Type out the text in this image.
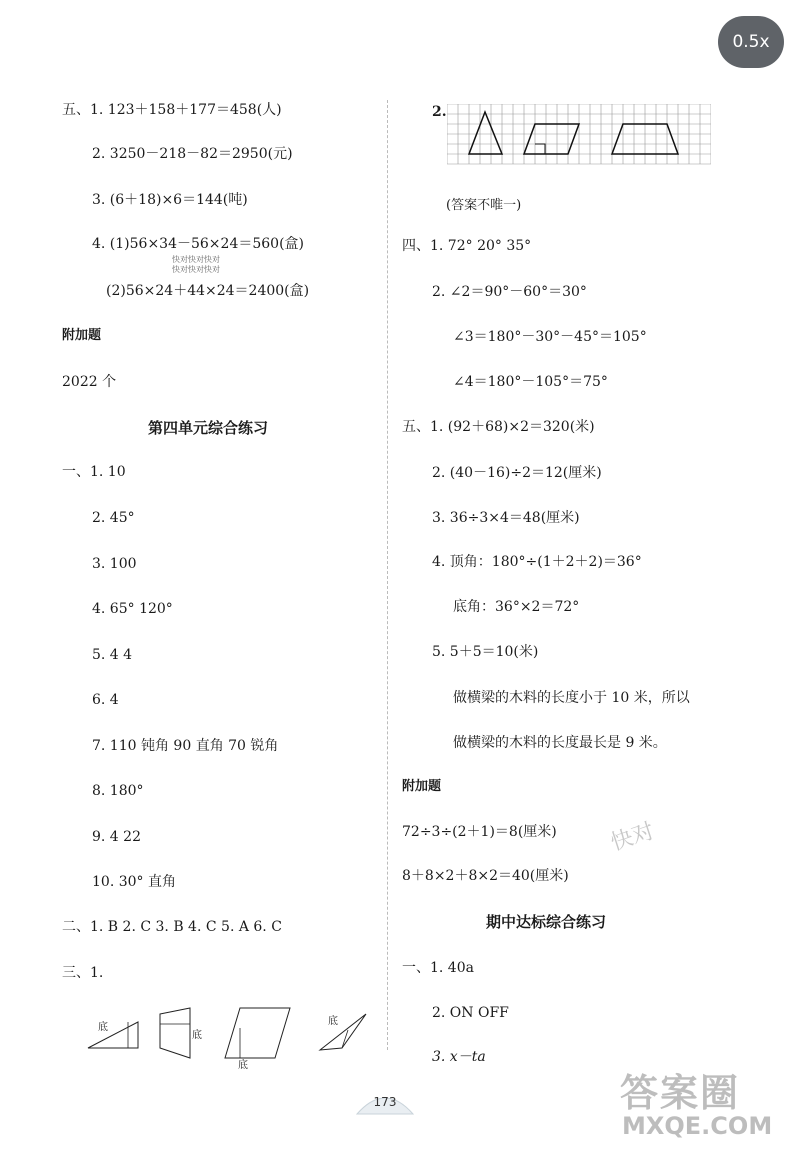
五、1. 123＋158＋177＝458(人)
2. 3250－218－82＝2950(元)
3. (6＋18)×6＝144(吨)
4. (1)56×34－56×24＝560(盒)
(2)56×24＋44×24＝2400(盒)
快对快对快对
快对快对快对
附加题
2022 个
第四单元综合练习
一、1. 10
2. 45°
3. 100
4. 65° 120°
5. 4 4
6. 4
7. 110 钝角 90 直角 70 锐角
8. 180°
9. 4 22
10. 30° 直角
二、1. B 2. C 3. B 4. C 5. A 6. C
三、1.
底
底
底
底
2.
(答案不唯一)
四、1. 72° 20° 35°
2. ∠2＝90°－60°＝30°
∠3＝180°－30°－45°＝105°
∠4＝180°－105°＝75°
五、1. (92＋68)×2＝320(米)
2. (40－16)÷2＝12(厘米)
3. 36÷3×4＝48(厘米)
4. 顶角：180°÷(1＋2＋2)＝36°
底角：36°×2＝72°
5. 5＋5＝10(米)
做横梁的木料的长度小于 10 米，所以
做横梁的木料的长度最长是 9 米。
附加题
72÷3÷(2＋1)＝8(厘米)
8＋8×2＋8×2＝40(厘米)
期中达标综合练习
一、1. 40a
2. ON OFF
3. x－ta
快对
答案圈
MXQE.COM
173
0.5x
